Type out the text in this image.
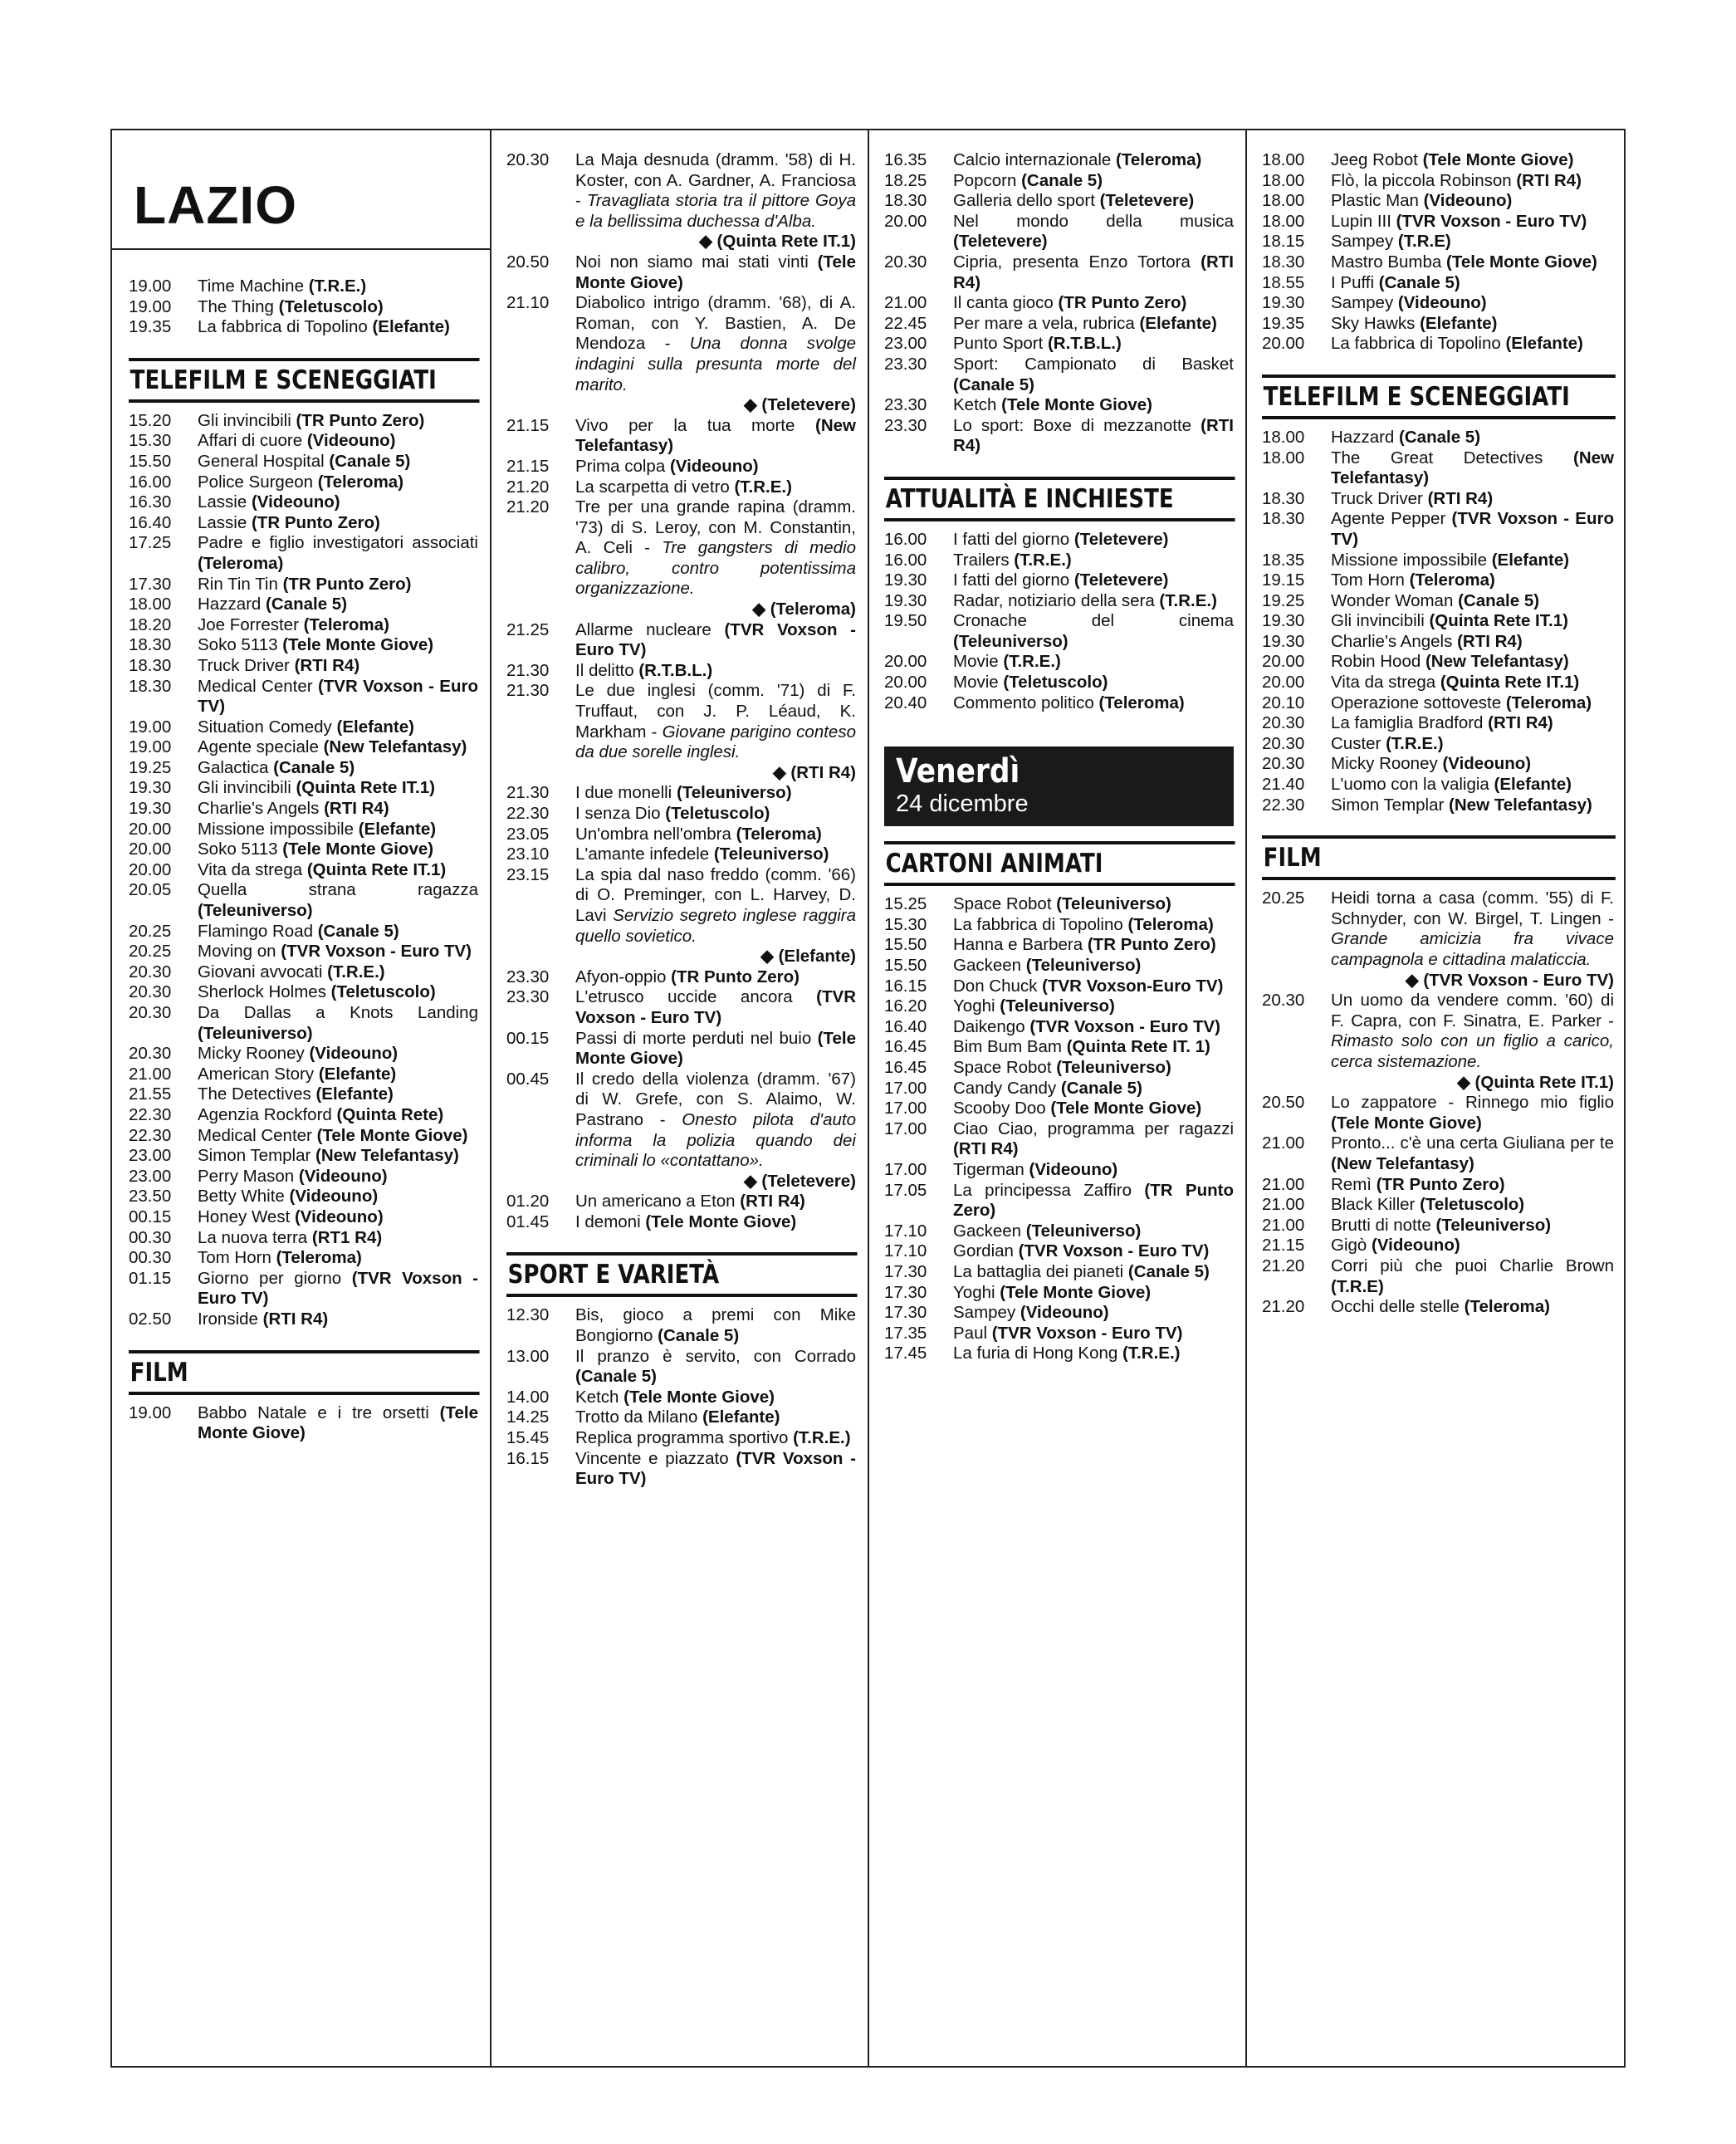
LAZIO
19.00	Time Machine (T.R.E.)
19.00	The Thing (Teletuscolo)
19.35	La fabbrica di Topolino (Elefante)
TELEFILM E SCENEGGIATI
15.20	Gli invincibili (TR Punto Zero)
15.30	Affari di cuore (Videouno)
15.50	General Hospital (Canale 5)
16.00	Police Surgeon (Teleroma)
16.30	Lassie (Videouno)
16.40	Lassie (TR Punto Zero)
17.25	Padre e figlio investigatori associati (Teleroma)
17.30	Rin Tin Tin (TR Punto Zero)
18.00	Hazzard (Canale 5)
18.20	Joe Forrester (Teleroma)
18.30	Soko 5113 (Tele Monte Giove)
18.30	Truck Driver (RTI R4)
18.30	Medical Center (TVR Voxson - Euro TV)
19.00	Situation Comedy (Elefante)
19.00	Agente speciale (New Telefantasy)
19.25	Galactica (Canale 5)
19.30	Gli invincibili (Quinta Rete IT.1)
19.30	Charlie's Angels (RTI R4)
20.00	Missione impossibile (Elefante)
20.00	Soko 5113 (Tele Monte Giove)
20.00	Vita da strega (Quinta Rete IT.1)
20.05	Quella strana ragazza (Teleuniverso)
20.25	Flamingo Road (Canale 5)
20.25	Moving on (TVR Voxson - Euro TV)
20.30	Giovani avvocati (T.R.E.)
20.30	Sherlock Holmes (Teletuscolo)
20.30	Da Dallas a Knots Landing (Teleuniverso)
20.30	Micky Rooney (Videouno)
21.00	American Story (Elefante)
21.55	The Detectives (Elefante)
22.30	Agenzia Rockford (Quinta Rete)
22.30	Medical Center (Tele Monte Giove)
23.00	Simon Templar (New Telefantasy)
23.00	Perry Mason (Videouno)
23.50	Betty White (Videouno)
00.15	Honey West (Videouno)
00.30	La nuova terra (RT1 R4)
00.30	Tom Horn (Teleroma)
01.15	Giorno per giorno (TVR Voxson - Euro TV)
02.50	Ironside (RTI R4)
FILM
19.00	Babbo Natale e i tre orsetti (Tele Monte Giove)
20.30	La Maja desnuda (dramm. '58) di H. Koster, con A. Gardner, A. Franciosa - Travagliata storia tra il pittore Goya e la bellissima duchessa d'Alba.
◆ (Quinta Rete IT.1)
20.50	Noi non siamo mai stati vinti (Tele Monte Giove)
21.10	Diabolico intrigo (dramm. '68), di A. Roman, con Y. Bastien, A. De Mendoza - Una donna svolge indagini sulla presunta morte del marito.
◆ (Teletevere)
21.15	Vivo per la tua morte (New Telefantasy)
21.15	Prima colpa (Videouno)
21.20	La scarpetta di vetro (T.R.E.)
21.20	Tre per una grande rapina (dramm. '73) di S. Leroy, con M. Constantin, A. Celi - Tre gangsters di medio calibro, contro potentissima organizzazione.
◆ (Teleroma)
21.25	Allarme nucleare (TVR Voxson - Euro TV)
21.30	Il delitto (R.T.B.L.)
21.30	Le due inglesi (comm. '71) di F. Truffaut, con J. P. Léaud, K. Markham - Giovane parigino conteso da due sorelle inglesi.
◆ (RTI R4)
21.30	I due monelli (Teleuniverso)
22.30	I senza Dio (Teletuscolo)
23.05	Un'ombra nell'ombra (Teleroma)
23.10	L'amante infedele (Teleuniverso)
23.15	La spia dal naso freddo (comm. '66) di O. Preminger, con L. Harvey, D. Lavi Servizio segreto inglese raggira quello sovietico.
◆ (Elefante)
23.30	Afyon-oppio (TR Punto Zero)
23.30	L'etrusco uccide ancora (TVR Voxson - Euro TV)
00.15	Passi di morte perduti nel buio (Tele Monte Giove)
00.45	Il credo della violenza (dramm. '67) di W. Grefe, con S. Alaimo, W. Pastrano - Onesto pilota d'auto informa la polizia quando dei criminali lo «contattano».
◆ (Teletevere)
01.20	Un americano a Eton (RTI R4)
01.45	I demoni (Tele Monte Giove)
SPORT E VARIETÀ
12.30	Bis, gioco a premi con Mike Bongiorno (Canale 5)
13.00	Il pranzo è servito, con Corrado (Canale 5)
14.00	Ketch (Tele Monte Giove)
14.25	Trotto da Milano (Elefante)
15.45	Replica programma sportivo (T.R.E.)
16.15	Vincente e piazzato (TVR Voxson - Euro TV)
16.35	Calcio internazionale (Teleroma)
18.25	Popcorn (Canale 5)
18.30	Galleria dello sport (Teletevere)
20.00	Nel mondo della musica (Teletevere)
20.30	Cipria, presenta Enzo Tortora (RTI R4)
21.00	Il canta gioco (TR Punto Zero)
22.45	Per mare a vela, rubrica (Elefante)
23.00	Punto Sport (R.T.B.L.)
23.30	Sport: Campionato di Basket (Canale 5)
23.30	Ketch (Tele Monte Giove)
23.30	Lo sport: Boxe di mezzanotte (RTI R4)
ATTUALITÀ E INCHIESTE
16.00	I fatti del giorno (Teletevere)
16.00	Trailers (T.R.E.)
19.30	I fatti del giorno (Teletevere)
19.30	Radar, notiziario della sera (T.R.E.)
19.50	Cronache del cinema (Teleuniverso)
20.00	Movie (T.R.E.)
20.00	Movie (Teletuscolo)
20.40	Commento politico (Teleroma)
Venerdì
24 dicembre
CARTONI ANIMATI
15.25	Space Robot (Teleuniverso)
15.30	La fabbrica di Topolino (Teleroma)
15.50	Hanna e Barbera (TR Punto Zero)
15.50	Gackeen (Teleuniverso)
16.15	Don Chuck (TVR Voxson-Euro TV)
16.20	Yoghi (Teleuniverso)
16.40	Daikengo (TVR Voxson - Euro TV)
16.45	Bim Bum Bam (Quinta Rete IT. 1)
16.45	Space Robot (Teleuniverso)
17.00	Candy Candy (Canale 5)
17.00	Scooby Doo (Tele Monte Giove)
17.00	Ciao Ciao, programma per ragazzi (RTI R4)
17.00	Tigerman (Videouno)
17.05	La principessa Zaffiro (TR Punto Zero)
17.10	Gackeen (Teleuniverso)
17.10	Gordian (TVR Voxson - Euro TV)
17.30	La battaglia dei pianeti (Canale 5)
17.30	Yoghi (Tele Monte Giove)
17.30	Sampey (Videouno)
17.35	Paul (TVR Voxson - Euro TV)
17.45	La furia di Hong Kong (T.R.E.)
18.00	Jeeg Robot (Tele Monte Giove)
18.00	Flò, la piccola Robinson (RTI R4)
18.00	Plastic Man (Videouno)
18.00	Lupin III (TVR Voxson - Euro TV)
18.15	Sampey (T.R.E)
18.30	Mastro Bumba (Tele Monte Giove)
18.55	I Puffi (Canale 5)
19.30	Sampey (Videouno)
19.35	Sky Hawks (Elefante)
20.00	La fabbrica di Topolino (Elefante)
TELEFILM E SCENEGGIATI
18.00	Hazzard (Canale 5)
18.00	The Great Detectives (New Telefantasy)
18.30	Truck Driver (RTI R4)
18.30	Agente Pepper (TVR Voxson - Euro TV)
18.35	Missione impossibile (Elefante)
19.15	Tom Horn (Teleroma)
19.25	Wonder Woman (Canale 5)
19.30	Gli invincibili (Quinta Rete IT.1)
19.30	Charlie's Angels (RTI R4)
20.00	Robin Hood (New Telefantasy)
20.00	Vita da strega (Quinta Rete IT.1)
20.10	Operazione sottoveste (Teleroma)
20.30	La famiglia Bradford (RTI R4)
20.30	Custer (T.R.E.)
20.30	Micky Rooney (Videouno)
21.40	L'uomo con la valigia (Elefante)
22.30	Simon Templar (New Telefantasy)
FILM
20.25	Heidi torna a casa (comm. '55) di F. Schnyder, con W. Birgel, T. Lingen - Grande amicizia fra vivace campagnola e cittadina malaticcia.
◆ (TVR Voxson - Euro TV)
20.30	Un uomo da vendere comm. '60) di F. Capra, con F. Sinatra, E. Parker - Rimasto solo con un figlio a carico, cerca sistemazione.
◆ (Quinta Rete IT.1)
20.50	Lo zappatore - Rinnego mio figlio (Tele Monte Giove)
21.00	Pronto... c'è una certa Giuliana per te (New Telefantasy)
21.00	Remì (TR Punto Zero)
21.00	Black Killer (Teletuscolo)
21.00	Brutti di notte (Teleuniverso)
21.15	Gigò (Videouno)
21.20	Corri più che puoi Charlie Brown (T.R.E)
21.20	Occhi delle stelle (Teleroma)
